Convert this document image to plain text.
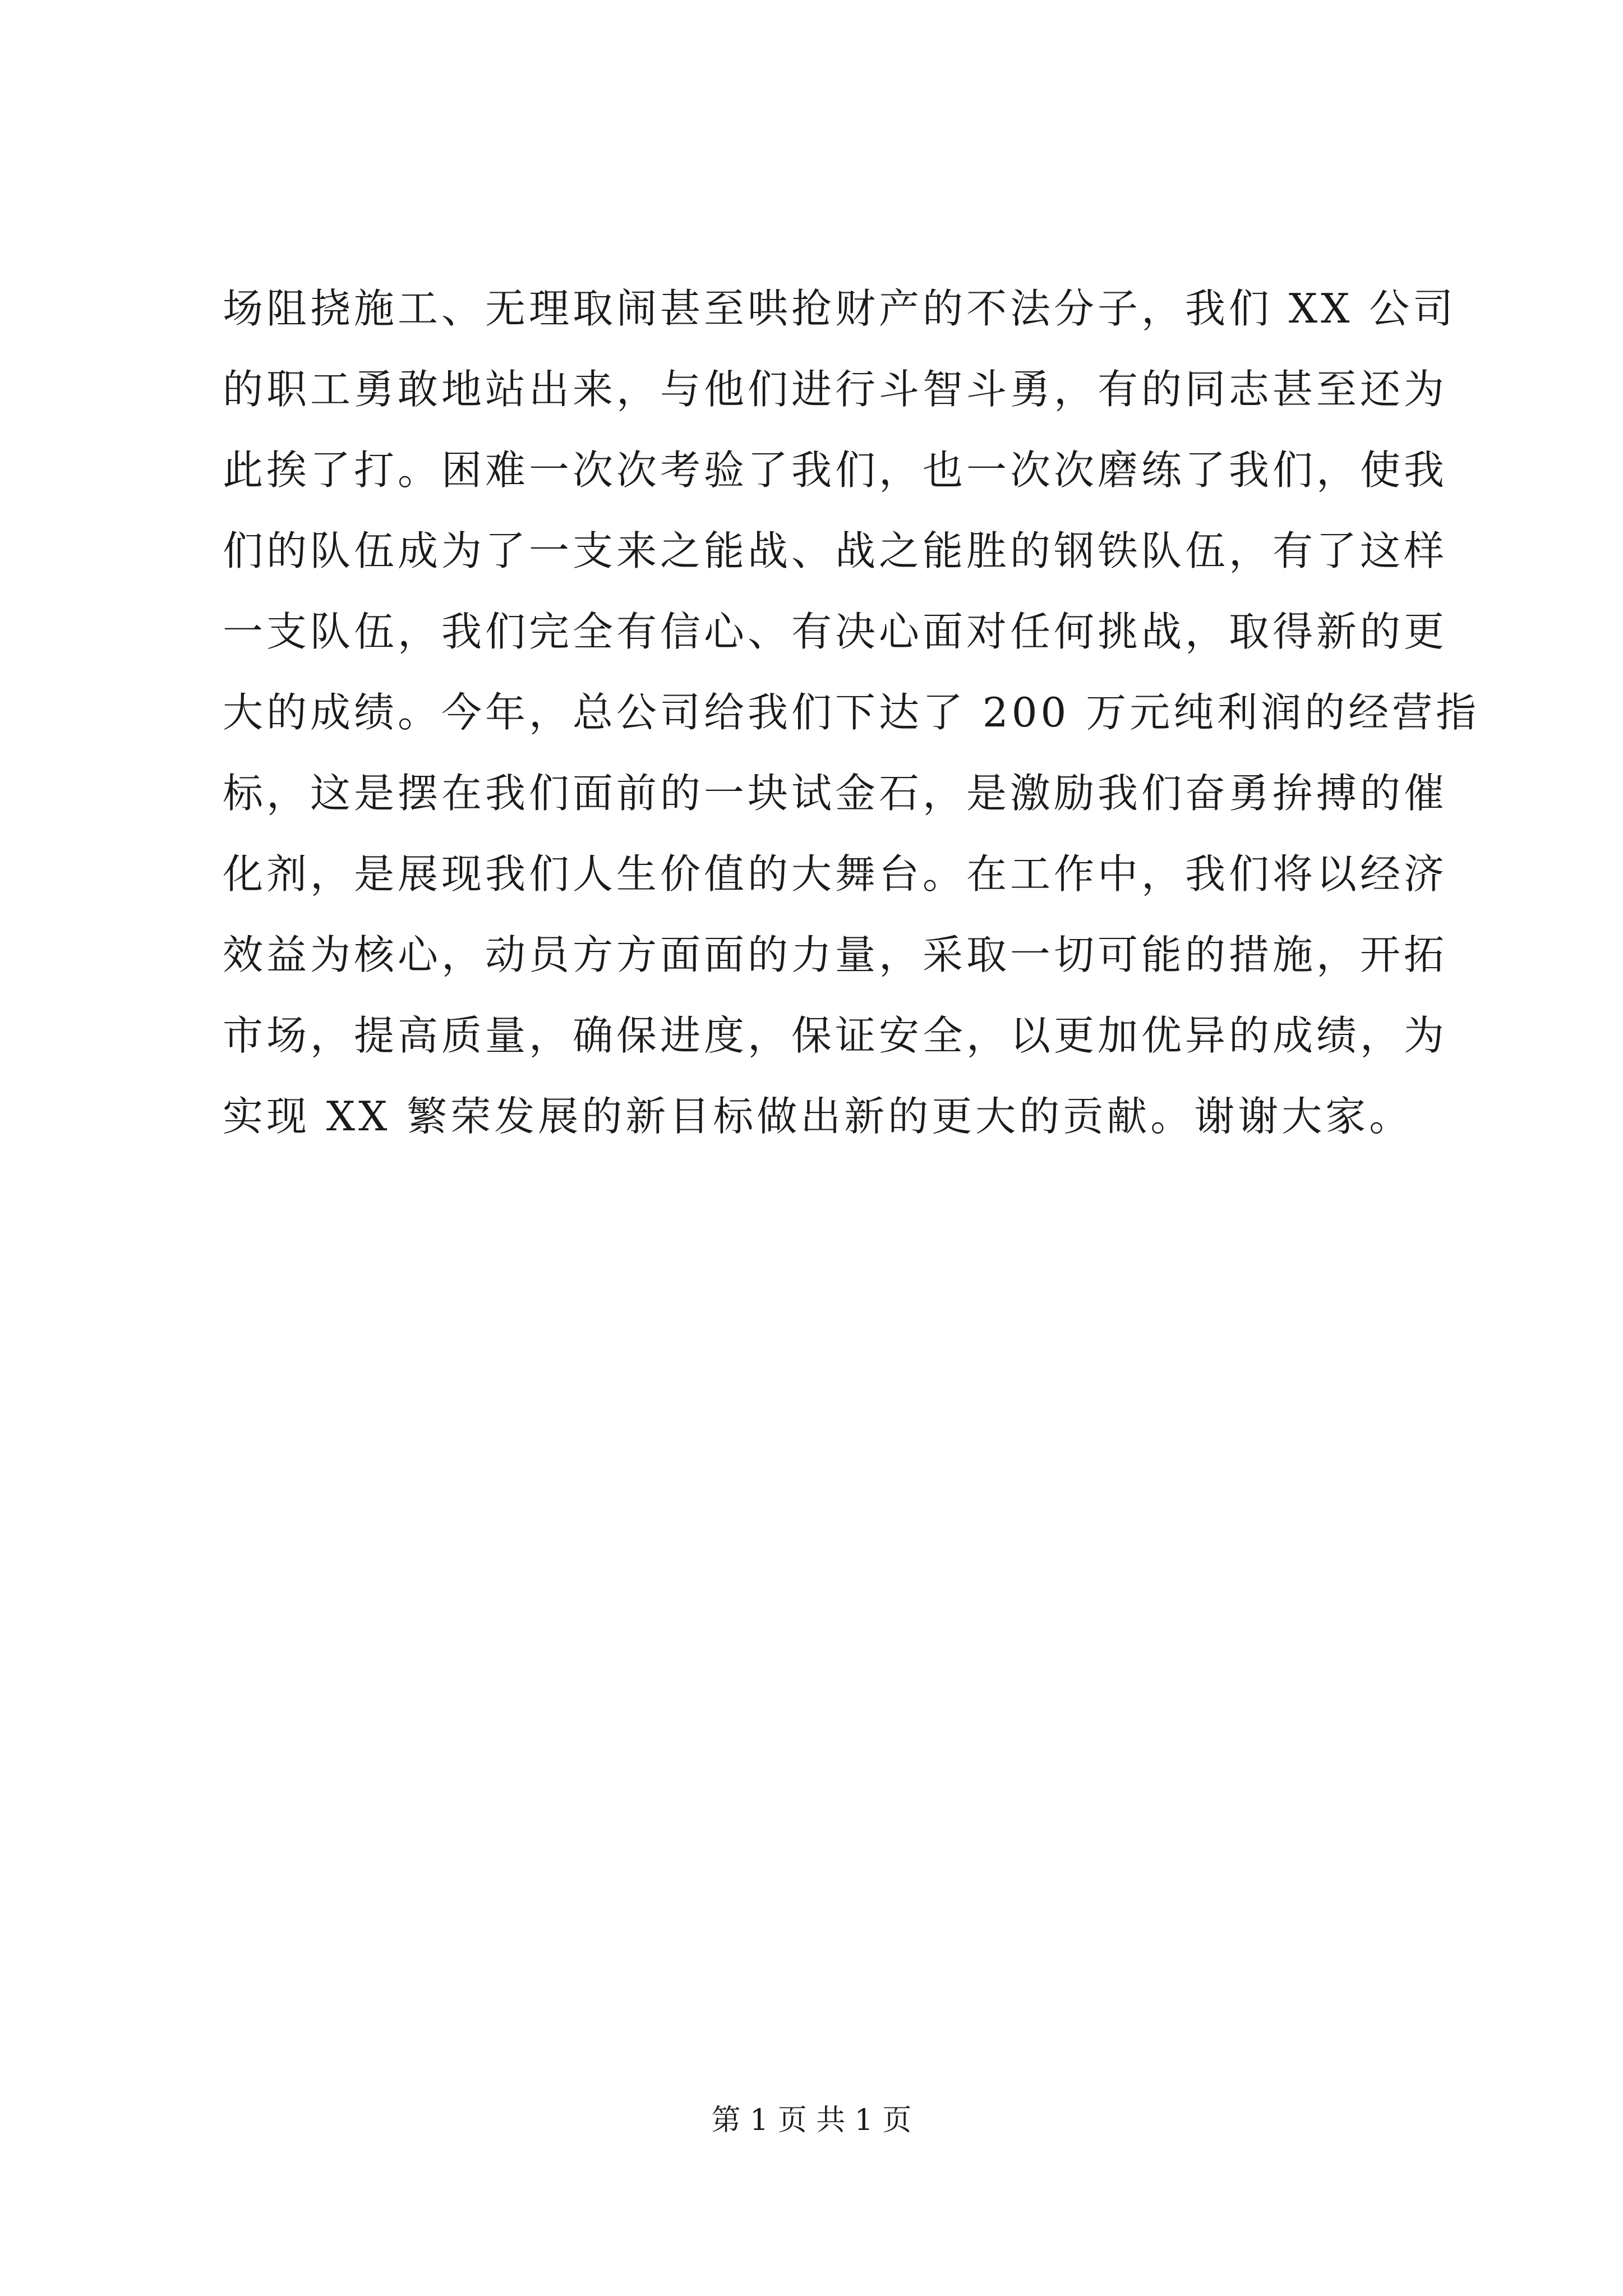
场阻挠施工、无理取闹甚至哄抢财产的不法分子，我们 XX 公司
的职工勇敢地站出来，与他们进行斗智斗勇，有的同志甚至还为
此挨了打。困难一次次考验了我们，也一次次磨练了我们，使我
们的队伍成为了一支来之能战、战之能胜的钢铁队伍，有了这样
一支队伍，我们完全有信心、有决心面对任何挑战，取得新的更
大的成绩。今年，总公司给我们下达了 200 万元纯利润的经营指
标，这是摆在我们面前的一块试金石，是激励我们奋勇拚搏的催
化剂，是展现我们人生价值的大舞台。在工作中，我们将以经济
效益为核心，动员方方面面的力量，采取一切可能的措施，开拓
市场，提高质量，确保进度，保证安全，以更加优异的成绩，为
实现 XX 繁荣发展的新目标做出新的更大的贡献。谢谢大家。
第 1 页 共 1 页
